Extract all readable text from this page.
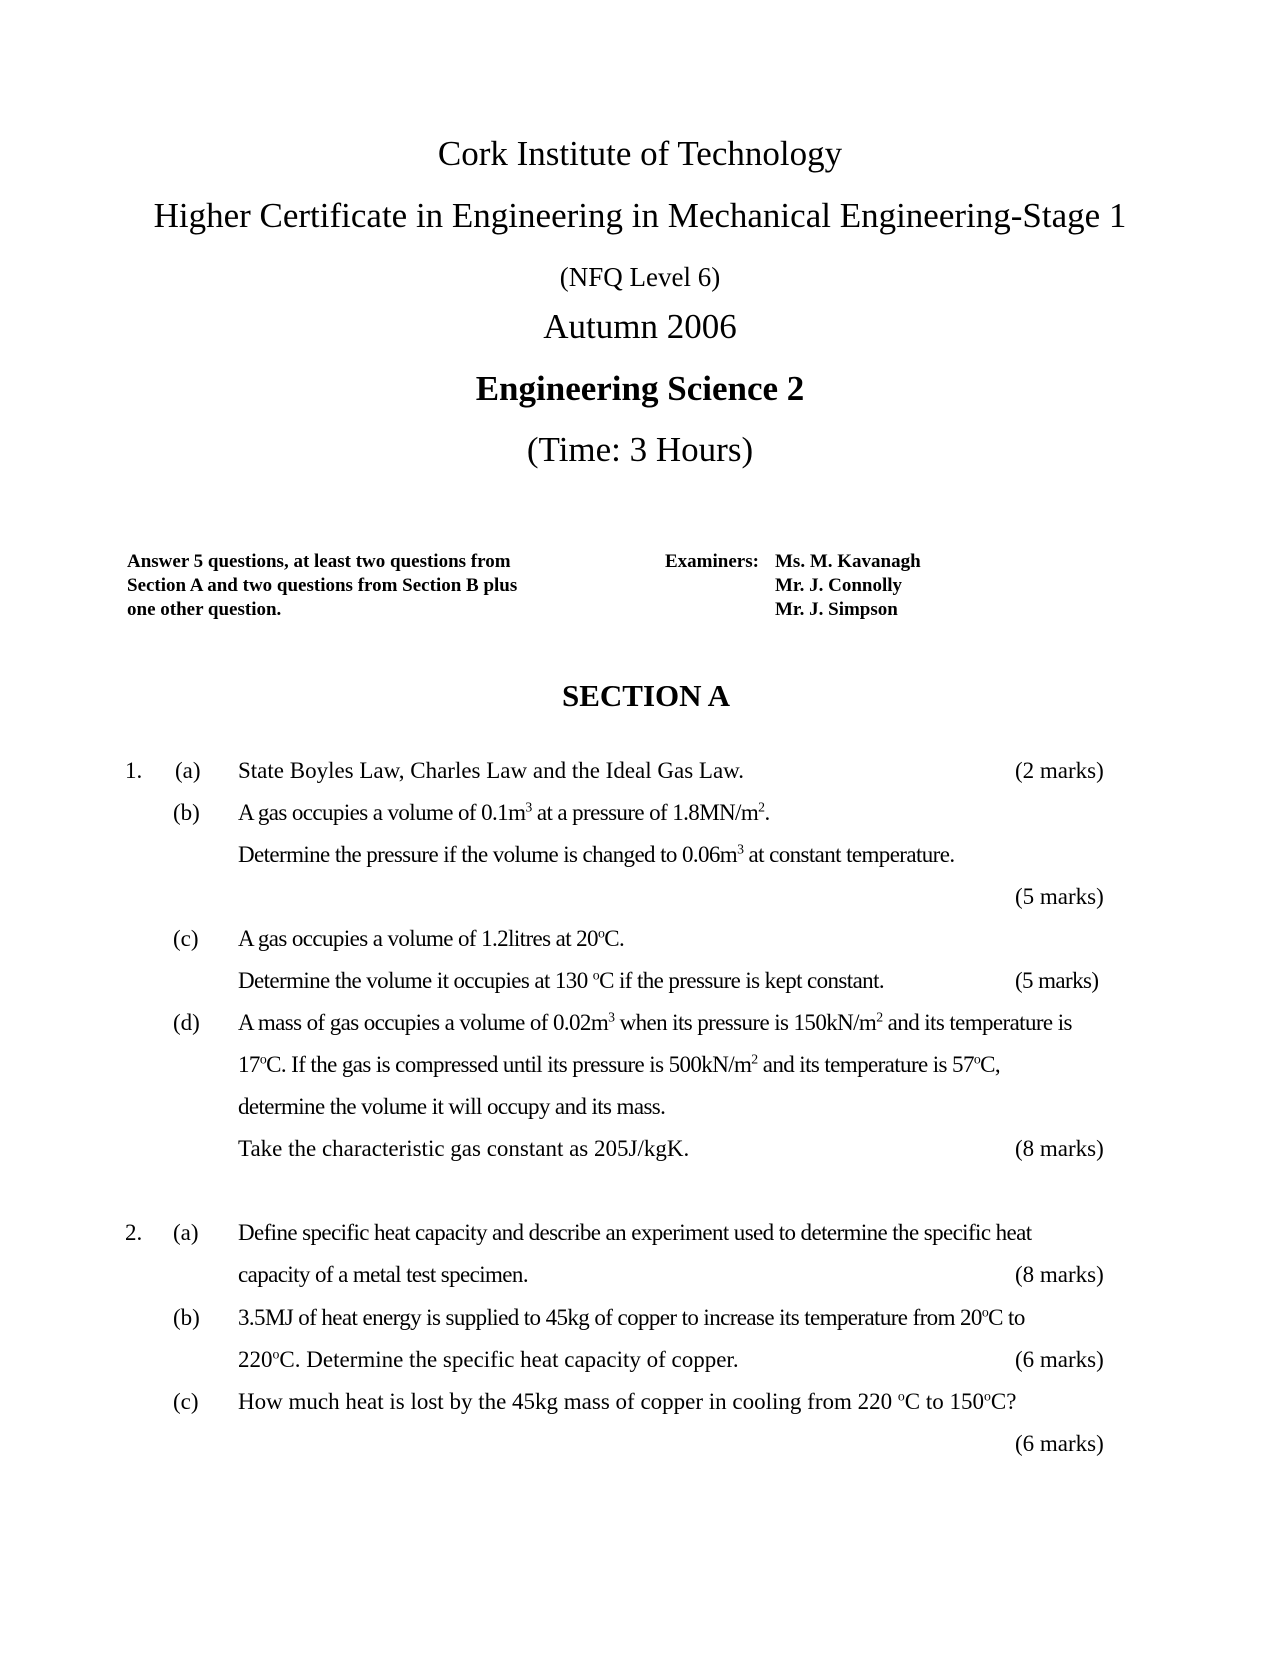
Cork Institute of Technology
Higher Certificate in Engineering in Mechanical Engineering-Stage 1
(NFQ Level 6)
Autumn 2006
Engineering Science 2
(Time: 3 Hours)
Answer 5 questions, at least two questions from
Section A and two questions from Section B plus
one other question.
Examiners: Ms. M. Kavanagh
Mr. J. Connolly
Mr. J. Simpson
SECTION A
1. (a) State Boyles Law, Charles Law and the Ideal Gas Law.	(2 marks)
(b) A gas occupies a volume of $0.1m^3$ at a pressure of $1.8MN/m^2$.
Determine the pressure if the volume is changed to $0.06m^3$ at constant temperature.
(5 marks)
(c) A gas occupies a volume of 1.2litres at 20$^o$C.
Determine the volume it occupies at 130 $^o$C if the pressure is kept constant.	(5 marks)
(d) A mass of gas occupies a volume of $0.02m^3$ when its pressure is $150kN/m^2$ and its temperature is
17$^o$C. If the gas is compressed until its pressure is $500kN/m^2$ and its temperature is 57$^o$C,
determine the volume it will occupy and its mass.
Take the characteristic gas constant as 205J/kgK.	(8 marks)
2. (a) Define specific heat capacity and describe an experiment used to determine the specific heat
capacity of a metal test specimen.	(8 marks)
(b) 3.5MJ of heat energy is supplied to 45kg of copper to increase its temperature from 20$^o$C to
220$^o$C. Determine the specific heat capacity of copper.	(6 marks)
(c) How much heat is lost by the 45kg mass of copper in cooling from 220 $^o$C to 150$^o$C?
(6 marks)
